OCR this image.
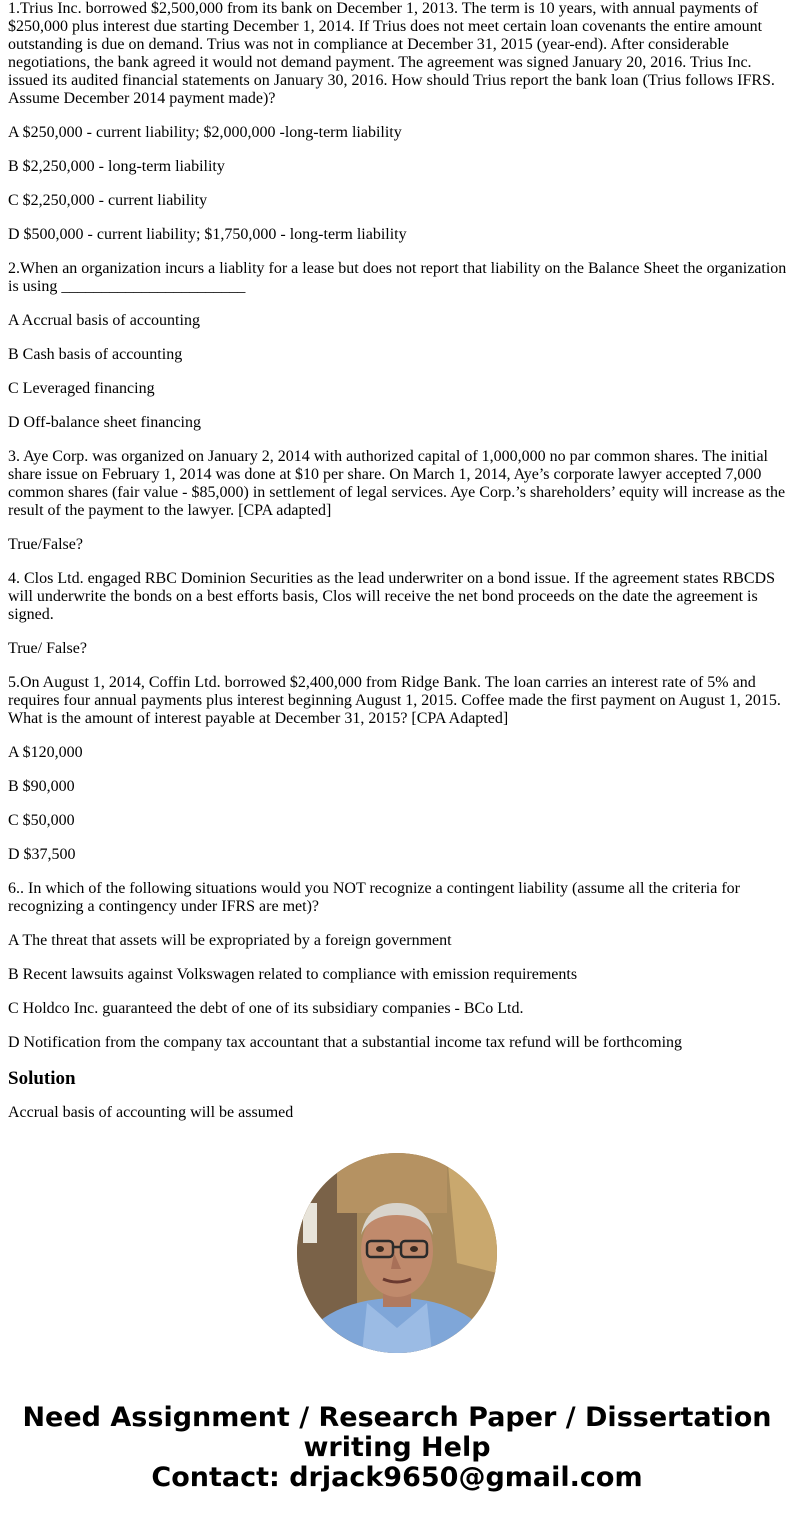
1.Trius Inc. borrowed $2,500,000 from its bank on December 1, 2013. The term is 10 years, with annual payments of $250,000 plus interest due starting December 1, 2014. If Trius does not meet certain loan covenants the entire amount outstanding is due on demand. Trius was not in compliance at December 31, 2015 (year-end). After considerable negotiations, the bank agreed it would not demand payment. The agreement was signed January 20, 2016. Trius Inc. issued its audited financial statements on January 30, 2016. How should Trius report the bank loan (Trius follows IFRS. Assume December 2014 payment made)?

A $250,000 - current liability; $2,000,000 -long-term liability

B $2,250,000 - long-term liability

C $2,250,000 - current liability

D $500,000 - current liability; $1,750,000 - long-term liability

2.When an organization incurs a liablity for a lease but does not report that liability on the Balance Sheet the organization is using _______________________

A Accrual basis of accounting

B Cash basis of accounting

C Leveraged financing

D Off-balance sheet financing

3. Aye Corp. was organized on January 2, 2014 with authorized capital of 1,000,000 no par common shares. The initial share issue on February 1, 2014 was done at $10 per share. On March 1, 2014, Aye’s corporate lawyer accepted 7,000 common shares (fair value - $85,000) in settlement of legal services. Aye Corp.’s shareholders’ equity will increase as the result of the payment to the lawyer. [CPA adapted]

True/False?

4. Clos Ltd. engaged RBC Dominion Securities as the lead underwriter on a bond issue. If the agreement states RBCDS will underwrite the bonds on a best efforts basis, Clos will receive the net bond proceeds on the date the agreement is signed.

True/ False?

5.On August 1, 2014, Coffin Ltd. borrowed $2,400,000 from Ridge Bank. The loan carries an interest rate of 5% and requires four annual payments plus interest beginning August 1, 2015. Coffee made the first payment on August 1, 2015. What is the amount of interest payable at December 31, 2015? [CPA Adapted]

A $120,000

B $90,000

C $50,000

D $37,500

6.. In which of the following situations would you NOT recognize a contingent liability (assume all the criteria for recognizing a contingency under IFRS are met)?

A The threat that assets will be expropriated by a foreign government

B Recent lawsuits against Volkswagen related to compliance with emission requirements

C Holdco Inc. guaranteed the debt of one of its subsidiary companies - BCo Ltd.

D Notification from the company tax accountant that a substantial income tax refund will be forthcoming

Solution

Accrual basis of accounting will be assumed

Need Assignment / Research Paper / Dissertation
writing Help
Contact: drjack9650@gmail.com
